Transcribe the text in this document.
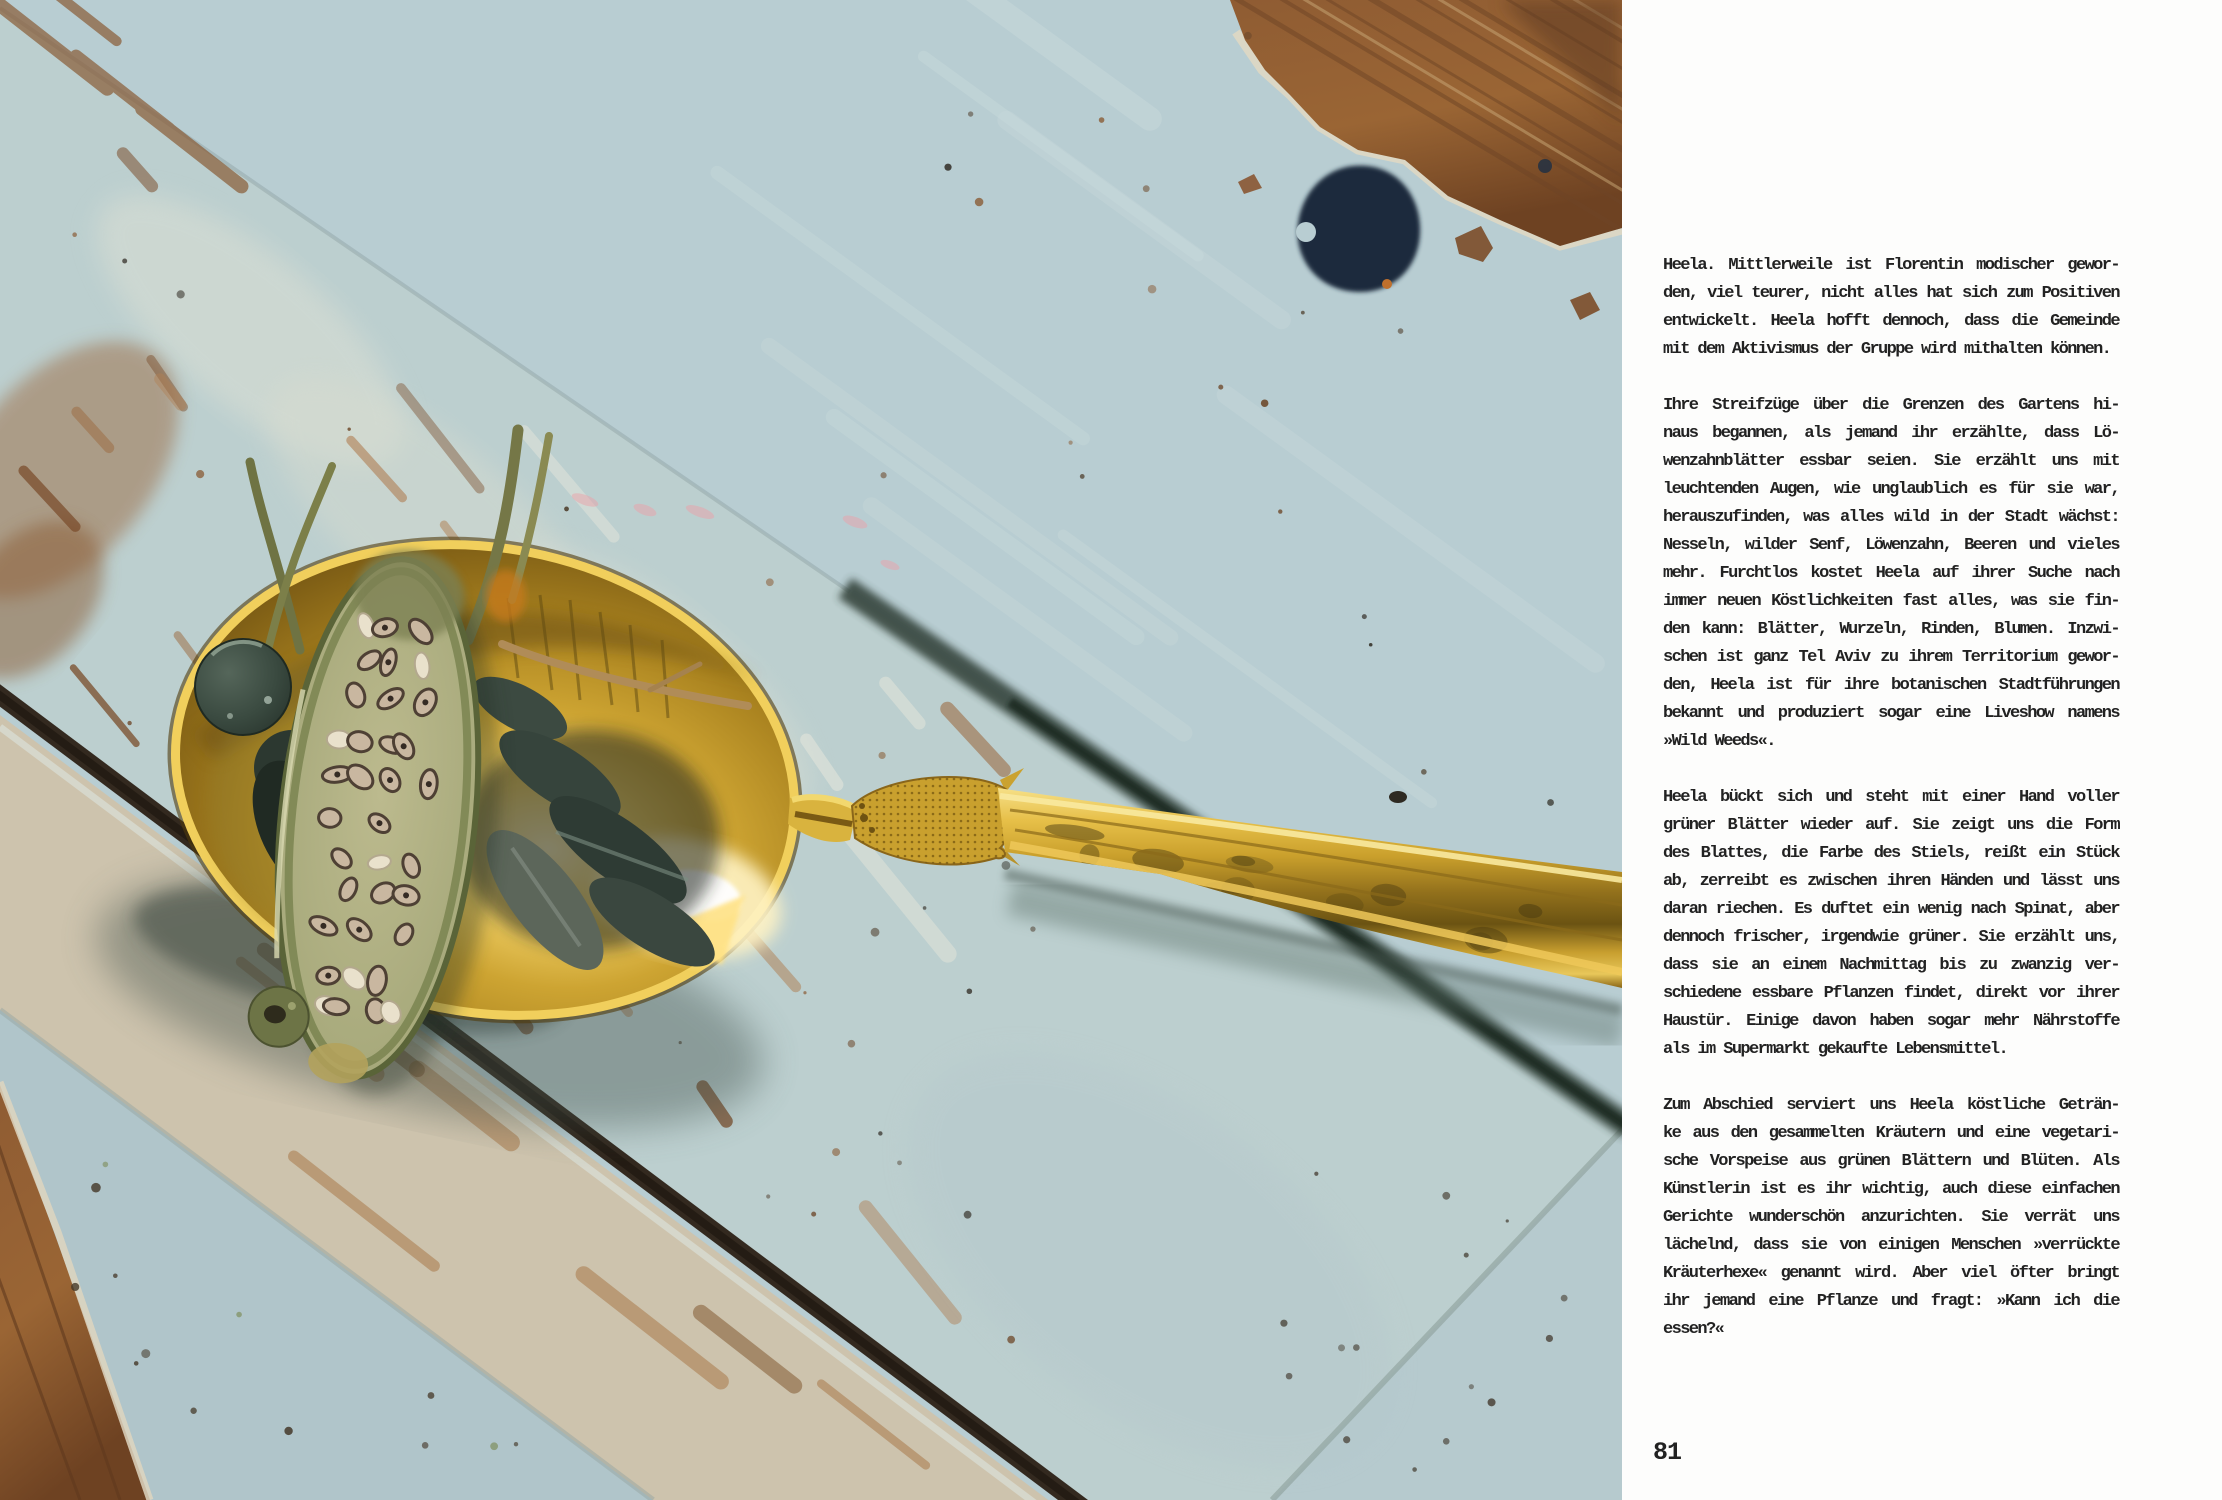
Heela. Mittlerweile ist Florentin modischer gewor-
den, viel teurer, nicht alles hat sich zum Positiven
entwickelt. Heela hofft dennoch, dass die Gemeinde
mit dem Aktivismus der Gruppe wird mithalten können.
Ihre Streifzüge über die Grenzen des Gartens hi-
naus begannen, als jemand ihr erzählte, dass Lö-
wenzahnblätter essbar seien. Sie erzählt uns mit
leuchtenden Augen, wie unglaublich es für sie war,
herauszufinden, was alles wild in der Stadt wächst:
Nesseln, wilder Senf, Löwenzahn, Beeren und vieles
mehr. Furchtlos kostet Heela auf ihrer Suche nach
immer neuen Köstlichkeiten fast alles, was sie fin-
den kann: Blätter, Wurzeln, Rinden, Blumen. Inzwi-
schen ist ganz Tel Aviv zu ihrem Territorium gewor-
den, Heela ist für ihre botanischen Stadtführungen
bekannt und produziert sogar eine Liveshow namens
»Wild Weeds«.
Heela bückt sich und steht mit einer Hand voller
grüner Blätter wieder auf. Sie zeigt uns die Form
des Blattes, die Farbe des Stiels, reißt ein Stück
ab, zerreibt es zwischen ihren Händen und lässt uns
daran riechen. Es duftet ein wenig nach Spinat, aber
dennoch frischer, irgendwie grüner. Sie erzählt uns,
dass sie an einem Nachmittag bis zu zwanzig ver-
schiedene essbare Pflanzen findet, direkt vor ihrer
Haustür. Einige davon haben sogar mehr Nährstoffe
als im Supermarkt gekaufte Lebensmittel.
Zum Abschied serviert uns Heela köstliche Geträn-
ke aus den gesammelten Kräutern und eine vegetari-
sche Vorspeise aus grünen Blättern und Blüten. Als
Künstlerin ist es ihr wichtig, auch diese einfachen
Gerichte wunderschön anzurichten. Sie verrät uns
lächelnd, dass sie von einigen Menschen »verrückte
Kräuterhexe« genannt wird. Aber viel öfter bringt
ihr jemand eine Pflanze und fragt: »Kann ich die
essen?«
81
